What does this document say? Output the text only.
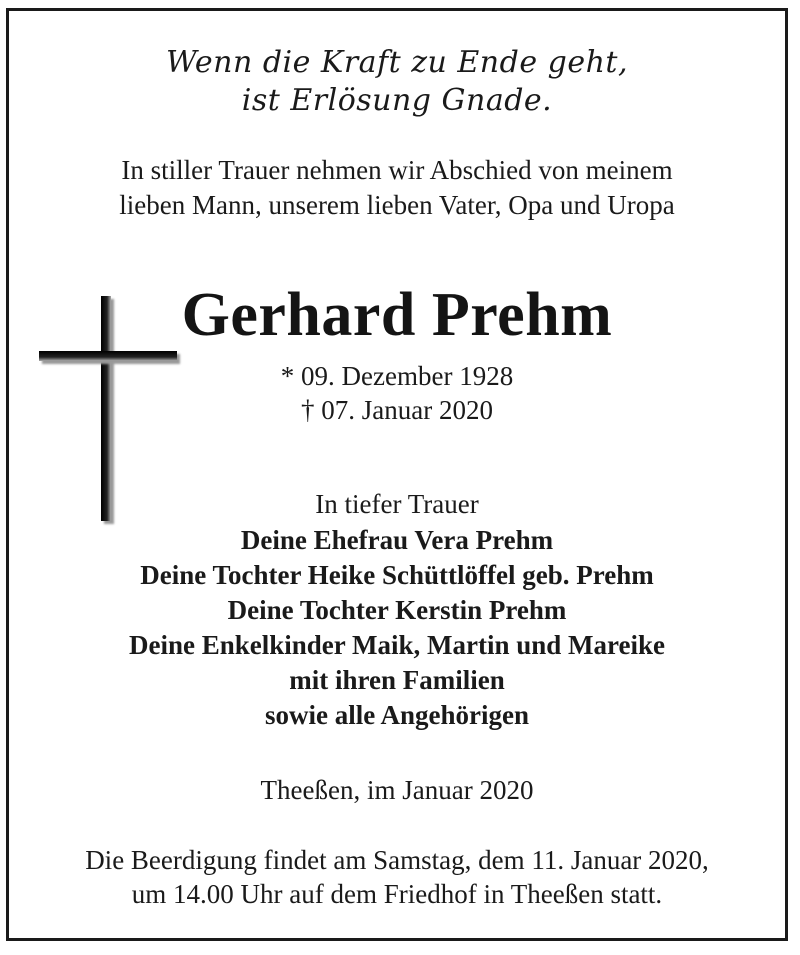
Wenn die Kraft zu Ende geht,
ist Erlösung Gnade.
In stiller Trauer nehmen wir Abschied von meinem
lieben Mann, unserem lieben Vater, Opa und Uropa
Gerhard Prehm
* 09. Dezember 1928
† 07. Januar 2020
In tiefer Trauer
Deine Ehefrau Vera Prehm
Deine Tochter Heike Schüttlöffel geb. Prehm
Deine Tochter Kerstin Prehm
Deine Enkelkinder Maik, Martin und Mareike
mit ihren Familien
sowie alle Angehörigen
Theeßen, im Januar 2020
Die Beerdigung findet am Samstag, dem 11. Januar 2020,
um 14.00 Uhr auf dem Friedhof in Theeßen statt.
